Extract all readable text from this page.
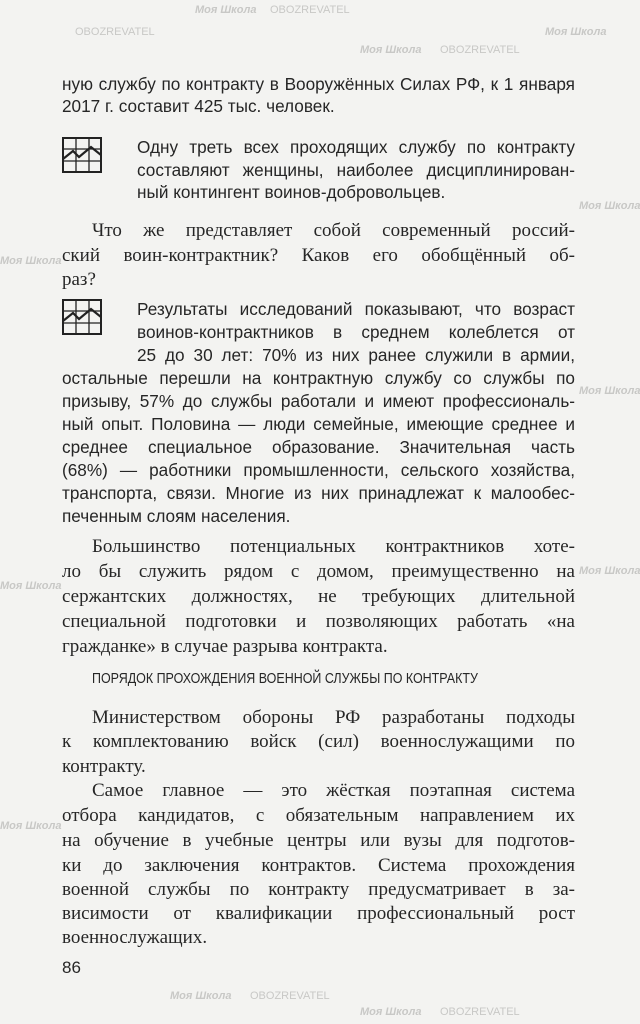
Моя Школа OBOZREVATEL
Моя Школа
OBOZREVATEL
Моя Школа OBOZREVATEL
Моя Школа
Моя Школа
Моя Школа
Моя Школа
Моя Школа
Моя Школа
OBOZREVATEL
Моя Школа
Моя Школа OBOZREVATEL
ную службу по контракту в Вооружённых Силах РФ, к 1 января
2017 г. составит 425 тыс. человек.
Одну треть всех проходящих службу по контракту
составляют женщины, наиболее дисциплинирован-
ный контингент воинов-добровольцев.
Что же представляет собой современный россий-
ский воин-контрактник? Каков его обобщённый об-
раз?
Результаты исследований показывают, что возраст
воинов-контрактников в среднем колеблется от
25 до 30 лет: 70% из них ранее служили в армии,
остальные перешли на контрактную службу со службы по
призыву, 57% до службы работали и имеют профессиональ-
ный опыт. Половина — люди семейные, имеющие среднее и
среднее специальное образование. Значительная часть
(68%) — работники промышленности, сельского хозяйства,
транспорта, связи. Многие из них принадлежат к малообес-
печенным слоям населения.
Большинство потенциальных контрактников хоте-
ло бы служить рядом с домом, преимущественно на
сержантских должностях, не требующих длительной
специальной подготовки и позволяющих работать «на
гражданке» в случае разрыва контракта.
ПОРЯДОК ПРОХОЖДЕНИЯ ВОЕННОЙ СЛУЖБЫ ПО КОНТРАКТУ
Министерством обороны РФ разработаны подходы
к комплектованию войск (сил) военнослужащими по
контракту.
Самое главное — это жёсткая поэтапная система
отбора кандидатов, с обязательным направлением их
на обучение в учебные центры или вузы для подготов-
ки до заключения контрактов. Система прохождения
военной службы по контракту предусматривает в за-
висимости от квалификации профессиональный рост
военнослужащих.
86
